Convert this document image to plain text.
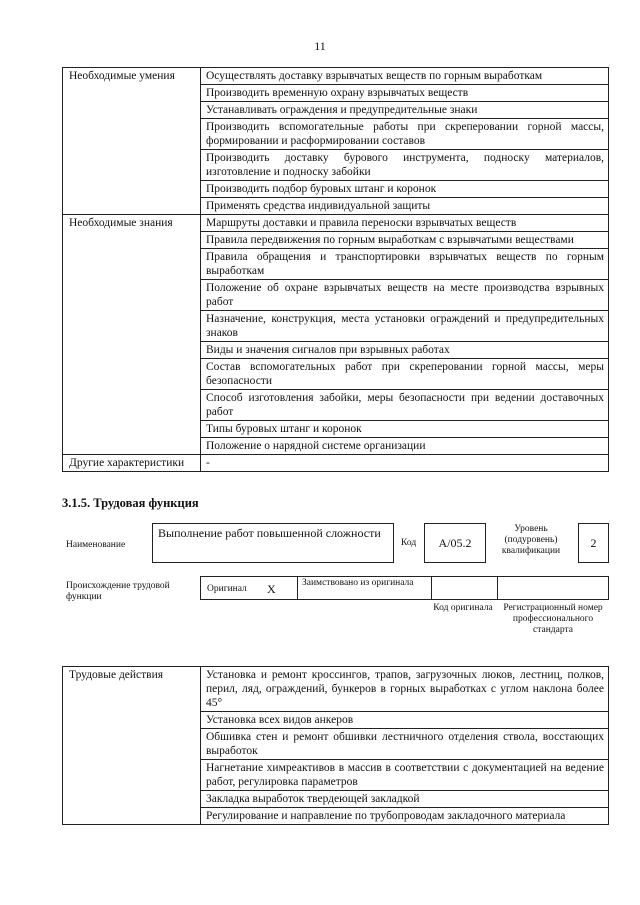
11
Необходимые умения	Осуществлять доставку взрывчатых веществ по горным выработкам
	Производить временную охрану взрывчатых веществ
	Устанавливать ограждения и предупредительные знаки
	Производить вспомогательные работы при скреперовании горной массы, формировании и расформировании составов
	Производить доставку бурового инструмента, подноску материалов, изготовление и подноску забойки
	Производить подбор буровых штанг и коронок
	Применять средства индивидуальной защиты
Необходимые знания	Маршруты доставки и правила переноски взрывчатых веществ
	Правила передвижения по горным выработкам с взрывчатыми веществами
	Правила обращения и транспортировки взрывчатых веществ по горным выработкам
	Положение об охране взрывчатых веществ на месте производства взрывных работ
	Назначение, конструкция, места установки ограждений и предупредительных знаков
	Виды и значения сигналов при взрывных работах
	Состав вспомогательных работ при скреперовании горной массы, меры безопасности
	Способ изготовления забойки, меры безопасности при ведении доставочных работ
	Типы буровых штанг и коронок
	Положение о нарядной системе организации
Другие характеристики	-
3.1.5. Трудовая функция
Наименование
Выполнение работ повышенной сложности
Код	А/05.2
Уровень (подуровень) квалификации
2
Происхождение трудовой функции
Оригинал X	Заимствовано из оригинала
Код оригинала	Регистрационный номер профессионального стандарта
Трудовые действия	Установка и ремонт кроссингов, трапов, загрузочных люков, лестниц, полков, перил, ляд, ограждений, бункеров в горных выработках с углом наклона более 45°
Установка всех видов анкеров
Обшивка стен и ремонт обшивки лестничного отделения ствола, восстающих выработок
Нагнетание химреактивов в массив в соответствии с документацией на ведение работ, регулировка параметров
Закладка выработок твердеющей закладкой
Регулирование и направление по трубопроводам закладочного материала
